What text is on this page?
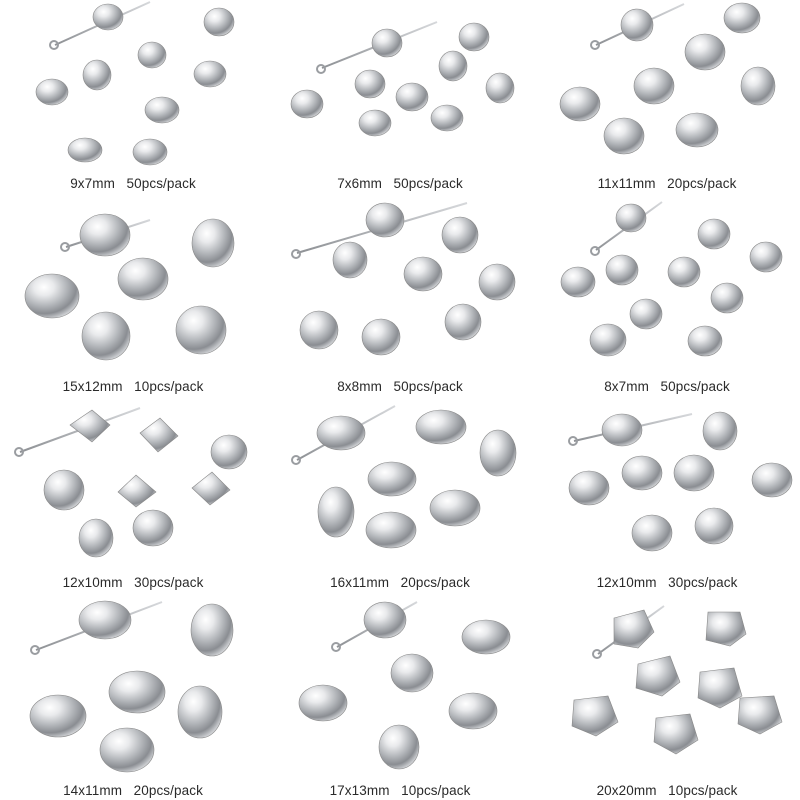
9x7mm 50pcs/pack	7x6mm 50pcs/pack	11x11mm 20pcs/pack
15x12mm 10pcs/pack	8x8mm 50pcs/pack	8x7mm 50pcs/pack
12x10mm 30pcs/pack	16x11mm 20pcs/pack	12x10mm 30pcs/pack
14x11mm 20pcs/pack	17x13mm 10pcs/pack	20x20mm 10pcs/pack
